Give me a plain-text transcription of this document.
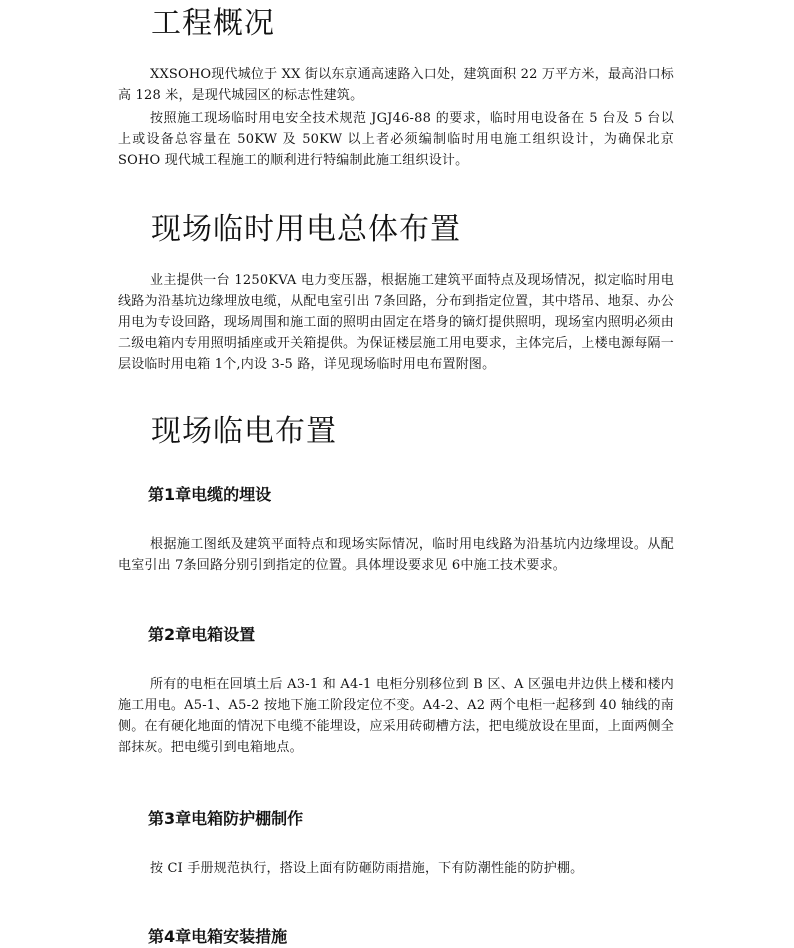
工程概况

XXSOHO现代城位于 XX 街以东京通高速路入口处，建筑面积 22 万平方米，最高沿口标高 128 米，是现代城园区的标志性建筑。

按照施工现场临时用电安全技术规范 JGJ46-88 的要求，临时用电设备在 5 台及 5 台以上或设备总容量在 50KW 及 50KW 以上者必须编制临时用电施工组织设计，为确保北京 SOHO 现代城工程施工的顺利进行特编制此施工组织设计。

现场临时用电总体布置

业主提供一台 1250KVA 电力变压器，根据施工建筑平面特点及现场情况，拟定临时用电线路为沿基坑边缘埋放电缆，从配电室引出 7条回路，分布到指定位置，其中塔吊、地泵、办公用电为专设回路，现场周围和施工面的照明由固定在塔身的镝灯提供照明，现场室内照明必须由二级电箱内专用照明插座或开关箱提供。为保证楼层施工用电要求，主体完后，上楼电源每隔一层设临时用电箱 1个,内设 3-5 路，详见现场临时用电布置附图。

现场临电布置
第1章电缆的埋设

根据施工图纸及建筑平面特点和现场实际情况，临时用电线路为沿基坑内边缘埋设。从配电室引出 7条回路分别引到指定的位置。具体埋设要求见 6中施工技术要求。

第2章电箱设置

所有的电柜在回填土后 A3-1 和 A4-1 电柜分别移位到 B 区、A 区强电井边供上楼和楼内施工用电。A5-1、A5-2 按地下施工阶段定位不变。A4-2、A2 两个电柜一起移到 40 轴线的南侧。在有硬化地面的情况下电缆不能埋设，应采用砖砌槽方法，把电缆放设在里面，上面两侧全部抹灰。把电缆引到电箱地点。

第3章电箱防护棚制作

按 CI 手册规范执行，搭设上面有防砸防雨措施，下有防潮性能的防护棚。

第4章电箱安装措施
